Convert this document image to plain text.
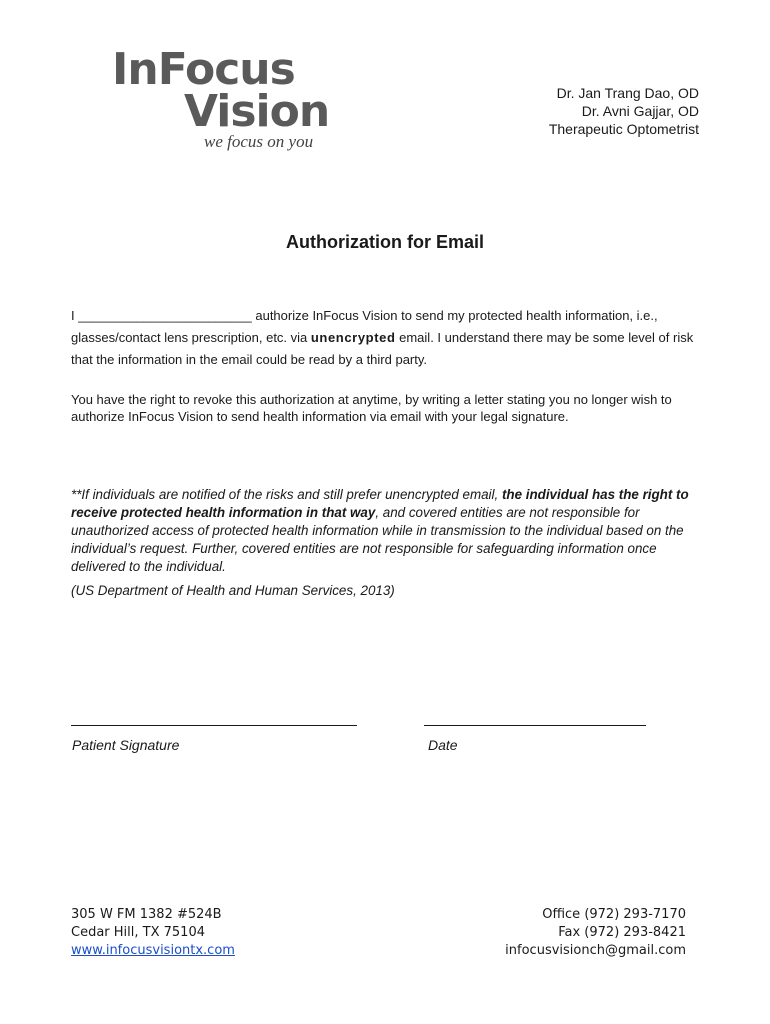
InFocus
Vision
we focus on you
Dr. Jan Trang Dao, OD
Dr. Avni Gajjar, OD
Therapeutic Optometrist
Authorization for Email
I ________________________ authorize InFocus Vision to send my protected health information, i.e., glasses/contact lens prescription, etc. via unencrypted email. I understand there may be some level of risk that the information in the email could be read by a third party.
You have the right to revoke this authorization at anytime, by writing a letter stating you no longer wish to authorize InFocus Vision to send health information via email with your legal signature.
**If individuals are notified of the risks and still prefer unencrypted email, the individual has the right to receive protected health information in that way, and covered entities are not responsible for unauthorized access of protected health information while in transmission to the individual based on the individual’s request. Further, covered entities are not responsible for safeguarding information once delivered to the individual.
(US Department of Health and Human Services, 2013)
Patient Signature	Date
305 W FM 1382 #524B
Cedar Hill, TX 75104
www.infocusvisiontx.com
Office (972) 293-7170
Fax (972) 293-8421
infocusvisionch@gmail.com
